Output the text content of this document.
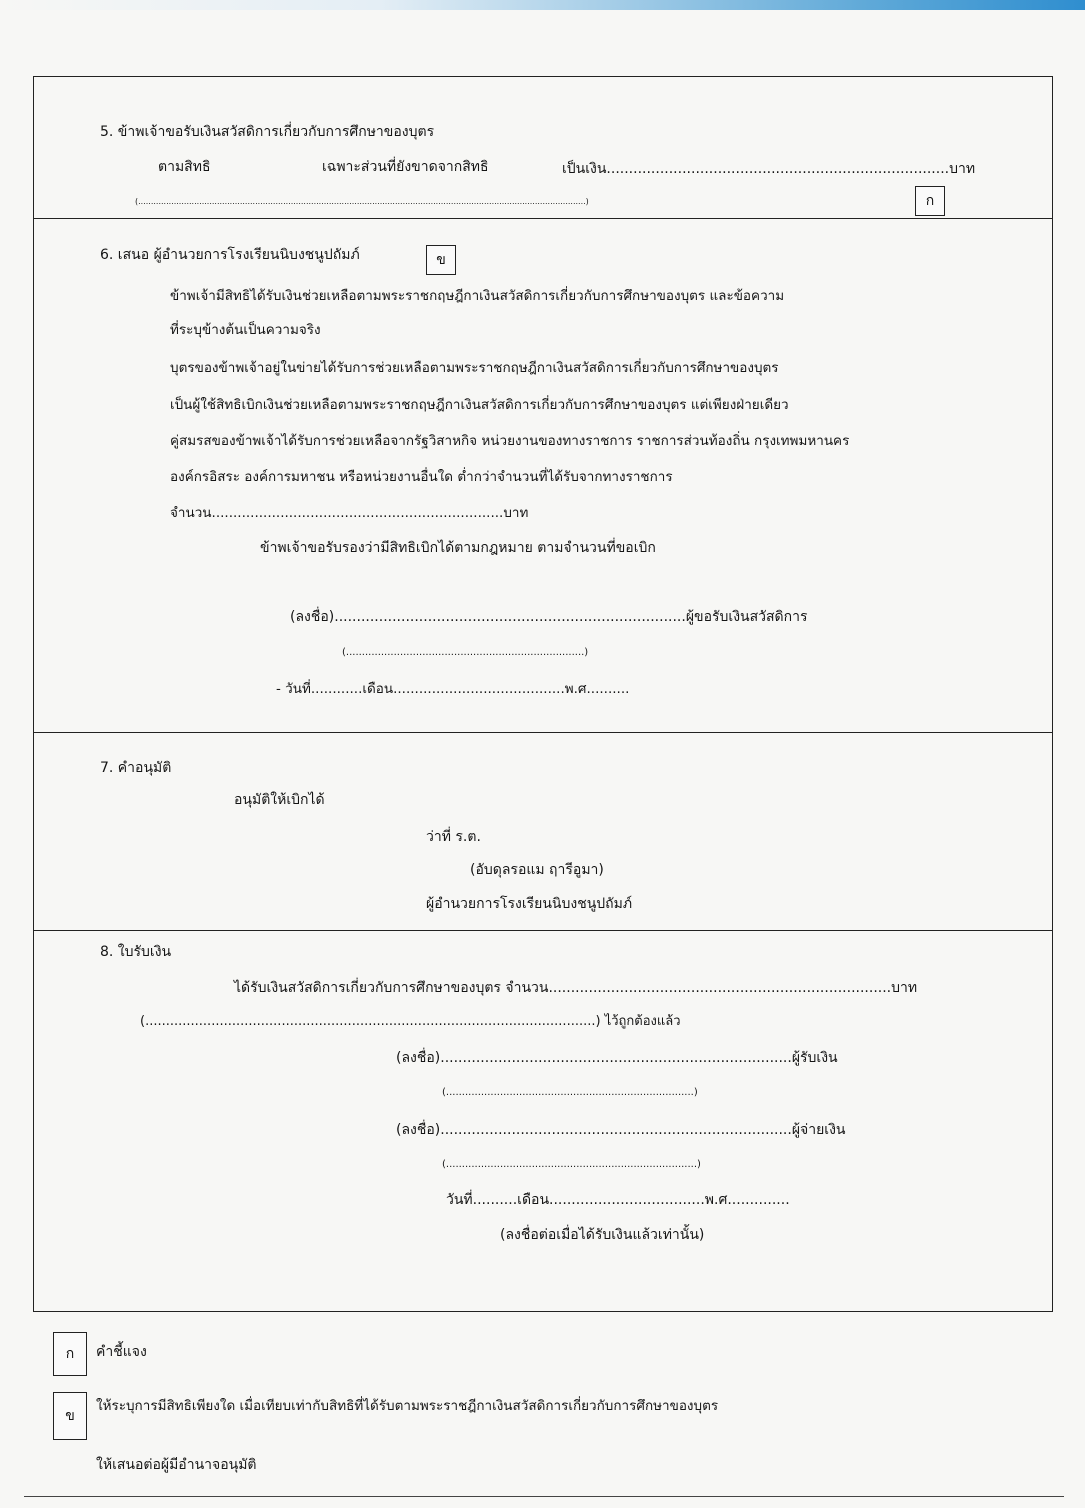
5. ข้าพเจ้าขอรับเงินสวัสดิการเกี่ยวกับการศึกษาของบุตร
ตามสิทธิ	เฉพาะส่วนที่ยังขาดจากสิทธิ	เป็นเงิน.............................................................................บาท
(................................................................................................................................................................................)	ก
6. เสนอ ผู้อำนวยการโรงเรียนนิบงชนูปถัมภ์	ข
ข้าพเจ้ามีสิทธิได้รับเงินช่วยเหลือตามพระราชกฤษฎีกาเงินสวัสดิการเกี่ยวกับการศึกษาของบุตร และข้อความ
ที่ระบุข้างต้นเป็นความจริง
บุตรของข้าพเจ้าอยู่ในข่ายได้รับการช่วยเหลือตามพระราชกฤษฎีกาเงินสวัสดิการเกี่ยวกับการศึกษาของบุตร
เป็นผู้ใช้สิทธิเบิกเงินช่วยเหลือตามพระราชกฤษฎีกาเงินสวัสดิการเกี่ยวกับการศึกษาของบุตร แต่เพียงฝ่ายเดียว
คู่สมรสของข้าพเจ้าได้รับการช่วยเหลือจากรัฐวิสาหกิจ หน่วยงานของทางราชการ ราชการส่วนท้องถิ่น กรุงเทพมหานคร
องค์กรอิสระ องค์การมหาชน หรือหน่วยงานอื่นใด ต่ำกว่าจำนวนที่ได้รับจากทางราชการ
จำนวน....................................................................บาท
ข้าพเจ้าขอรับรองว่ามีสิทธิเบิกได้ตามกฎหมาย ตามจำนวนที่ขอเบิก
(ลงชื่อ)...............................................................................ผู้ขอรับเงินสวัสดิการ
(...........................................................................)
- วันที่............เดือน........................................พ.ศ..........
7. คำอนุมัติ
อนุมัติให้เบิกได้
ว่าที่ ร.ต.
(อับดุลรอแม ฤารีอูมา)
ผู้อำนวยการโรงเรียนนิบงชนูปถัมภ์
8. ใบรับเงิน
ได้รับเงินสวัสดิการเกี่ยวกับการศึกษาของบุตร จำนวน.............................................................................บาท
(.............................................................................................................) ไว้ถูกต้องแล้ว
(ลงชื่อ)...............................................................................ผู้รับเงิน
(..............................................................................)
(ลงชื่อ)...............................................................................ผู้จ่ายเงิน
(...............................................................................)
วันที่..........เดือน...................................พ.ศ..............
(ลงชื่อต่อเมื่อได้รับเงินแล้วเท่านั้น)
ก	คำชี้แจง
ข
ให้ระบุการมีสิทธิเพียงใด เมื่อเทียบเท่ากับสิทธิที่ได้รับตามพระราชฎีกาเงินสวัสดิการเกี่ยวกับการศึกษาของบุตร
ให้เสนอต่อผู้มีอำนาจอนุมัติ
